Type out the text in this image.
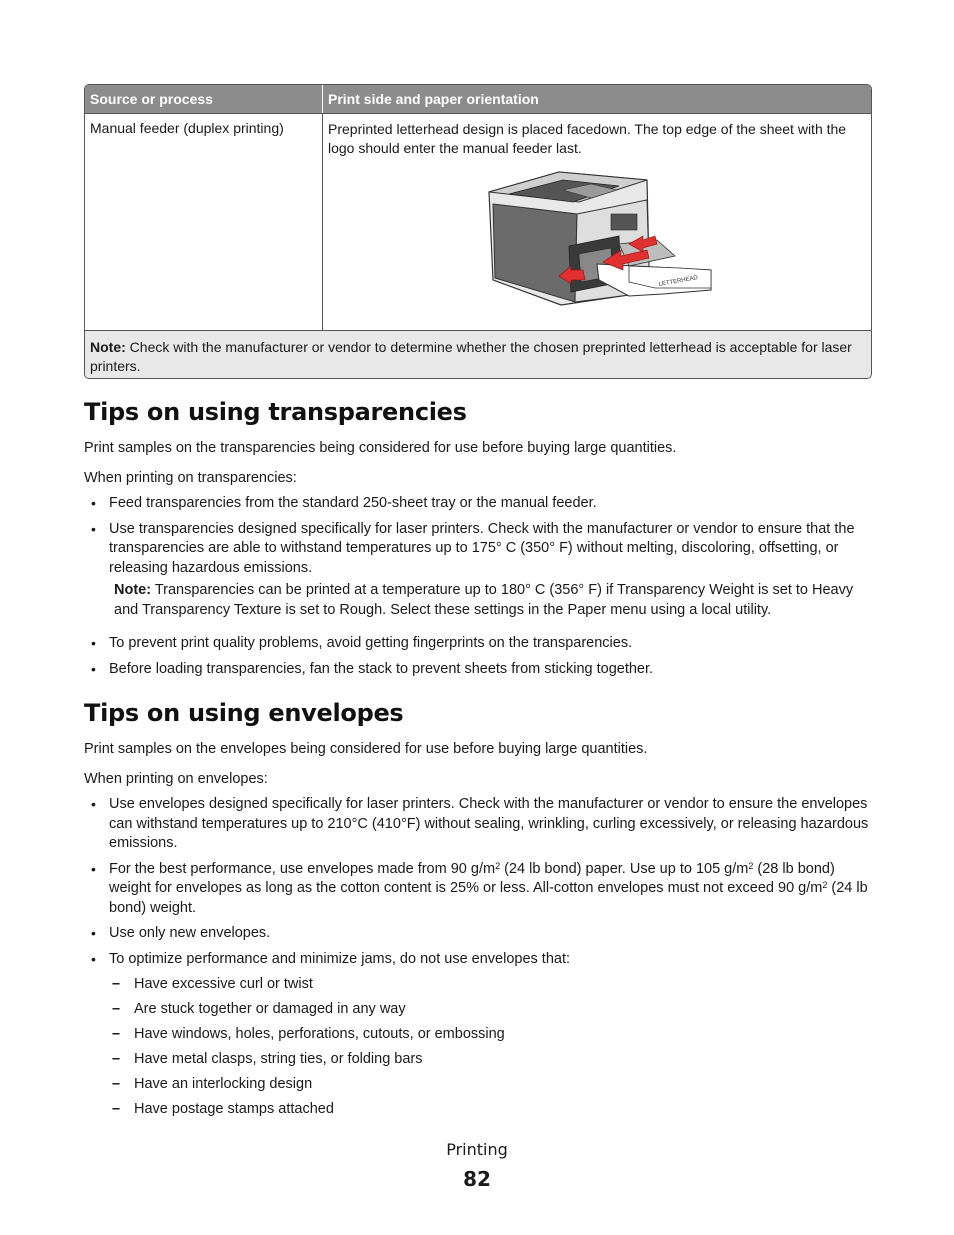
Source or process	Print side and paper orientation
Manual feeder (duplex printing)	Preprinted letterhead design is placed facedown. The top edge of the sheet with the logo should enter the manual feeder last.
LETTERHEAD
Note: Check with the manufacturer or vendor to determine whether the chosen preprinted letterhead is acceptable for laser printers.
Tips on using transparencies

Print samples on the transparencies being considered for use before buying large quantities.

When printing on transparencies:

• Feed transparencies from the standard 250-sheet tray or the manual feeder.
• Use transparencies designed specifically for laser printers. Check with the manufacturer or vendor to ensure that the transparencies are able to withstand temperatures up to 175° C (350° F) without melting, discoloring, offsetting, or releasing hazardous emissions.
Note: Transparencies can be printed at a temperature up to 180° C (356° F) if Transparency Weight is set to Heavy and Transparency Texture is set to Rough. Select these settings in the Paper menu using a local utility.
• To prevent print quality problems, avoid getting fingerprints on the transparencies.
• Before loading transparencies, fan the stack to prevent sheets from sticking together.
Tips on using envelopes

Print samples on the envelopes being considered for use before buying large quantities.

When printing on envelopes:

• Use envelopes designed specifically for laser printers. Check with the manufacturer or vendor to ensure the envelopes can withstand temperatures up to 210°C (410°F) without sealing, wrinkling, curling excessively, or releasing hazardous emissions.
• For the best performance, use envelopes made from 90 $g/m^2$ (24 lb bond) paper. Use up to 105 $g/m^2$ (28 lb bond) weight for envelopes as long as the cotton content is 25% or less. All-cotton envelopes must not exceed 90 $g/m^2$ (24 lb bond) weight.
• Use only new envelopes.
• To optimize performance and minimize jams, do not use envelopes that:
– Have excessive curl or twist
– Are stuck together or damaged in any way
– Have windows, holes, perforations, cutouts, or embossing
– Have metal clasps, string ties, or folding bars
– Have an interlocking design
– Have postage stamps attached
Printing
82
